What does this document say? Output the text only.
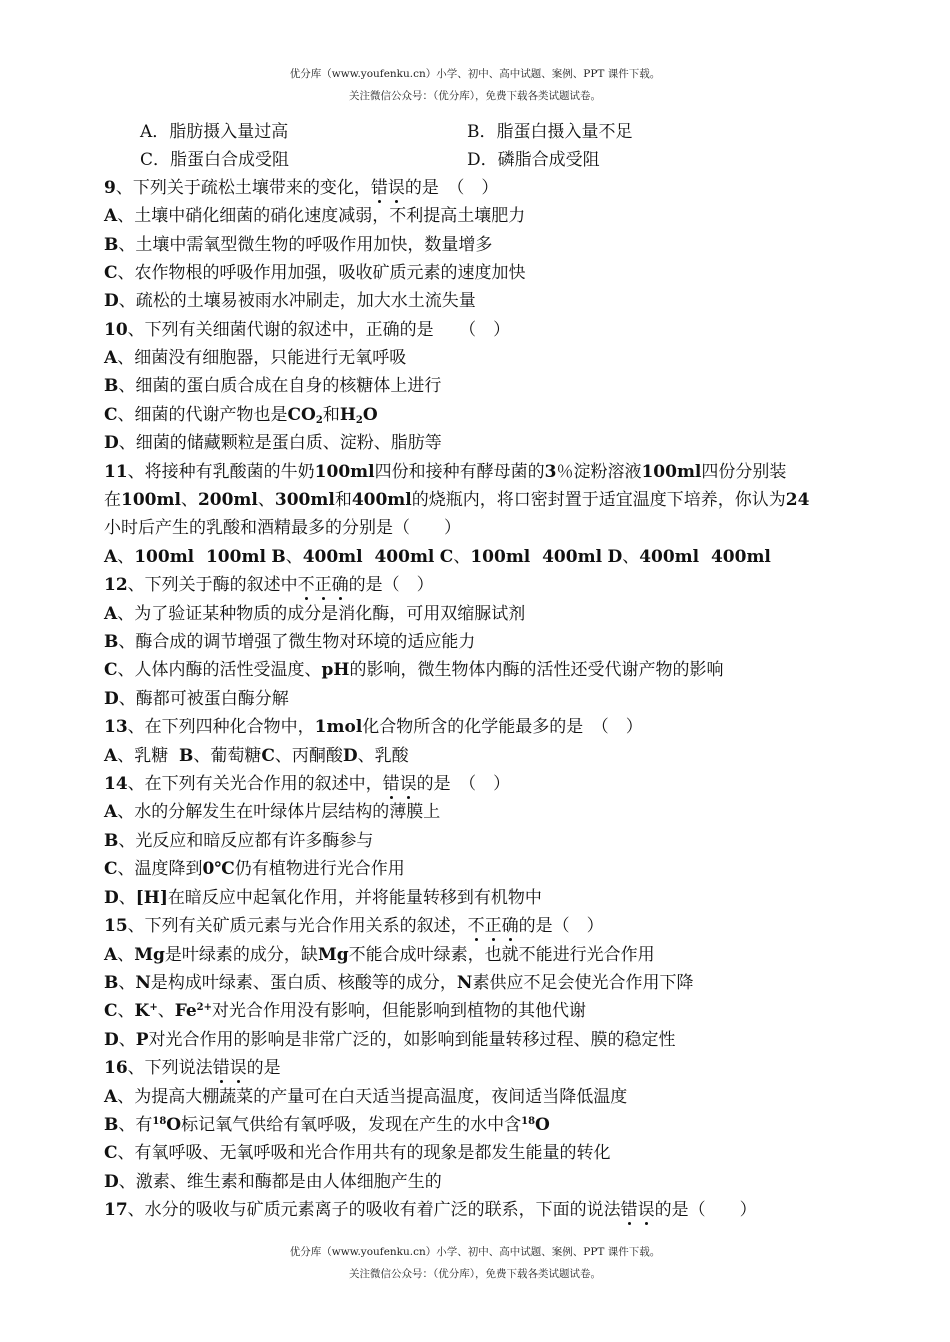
优分库（www.youfenku.cn）小学、初中、高中试题、案例、PPT 课件下载。
关注微信公众号：（优分库），免费下载各类试题试卷。
A．脂肪摄入量过高	B．脂蛋白摄入量不足
C．脂蛋白合成受阻	D．磷脂合成受阻
9、下列关于疏松土壤带来的变化，错误的是　（　）
A、土壤中硝化细菌的硝化速度减弱，不利提高土壤肥力
B、土壤中需氧型微生物的呼吸作用加快，数量增多
C、农作物根的呼吸作用加强，吸收矿质元素的速度加快
D、疏松的土壤易被雨水冲刷走，加大水土流失量
10、下列有关细菌代谢的叙述中，正确的是　　（　）
A、细菌没有细胞器，只能进行无氧呼吸
B、细菌的蛋白质合成在自身的核糖体上进行
C、细菌的代谢产物也是$CO_2$和$H_2O$
D、细菌的储藏颗粒是蛋白质、淀粉、脂肪等
11、将接种有乳酸菌的牛奶100ml四份和接种有酵母菌的3％淀粉溶液100ml四份分别装
在100ml、200ml、300ml和400ml的烧瓶内，将口密封置于适宜温度下培养，你认为24
小时后产生的乳酸和酒精最多的分别是（　　）
A、100ml  100ml B、400ml  400ml C、100ml  400ml D、400ml  400ml
12、下列关于酶的叙述中不正确的是（　）
A、为了验证某种物质的成分是消化酶，可用双缩脲试剂
B、酶合成的调节增强了微生物对环境的适应能力
C、人体内酶的活性受温度、pH的影响，微生物体内酶的活性还受代谢产物的影响
D、酶都可被蛋白酶分解
13、在下列四种化合物中，1mol化合物所含的化学能最多的是　（　）
A、乳糖  B、葡萄糖C、丙酮酸D、乳酸
14、在下列有关光合作用的叙述中，错误的是　（　）
A、水的分解发生在叶绿体片层结构的薄膜上
B、光反应和暗反应都有许多酶参与
C、温度降到0℃仍有植物进行光合作用
D、[H]在暗反应中起氧化作用，并将能量转移到有机物中
15、下列有关矿质元素与光合作用关系的叙述，不正确的是（　）
A、Mg是叶绿素的成分，缺Mg不能合成叶绿素，也就不能进行光合作用
B、N是构成叶绿素、蛋白质、核酸等的成分，N素供应不足会使光合作用下降
C、K+、$Fe^{2+}$对光合作用没有影响，但能影响到植物的其他代谢
D、P对光合作用的影响是非常广泛的，如影响到能量转移过程、膜的稳定性
16、下列说法错误的是
A、为提高大棚蔬菜的产量可在白天适当提高温度，夜间适当降低温度
B、有$^{18}$O标记氧气供给有氧呼吸，发现在产生的水中含$^{18}$O
C、有氧呼吸、无氧呼吸和光合作用共有的现象是都发生能量的转化
D、激素、维生素和酶都是由人体细胞产生的
17、水分的吸收与矿质元素离子的吸收有着广泛的联系，下面的说法错误的是（　　）
优分库（www.youfenku.cn）小学、初中、高中试题、案例、PPT 课件下载。
关注微信公众号：（优分库），免费下载各类试题试卷。
